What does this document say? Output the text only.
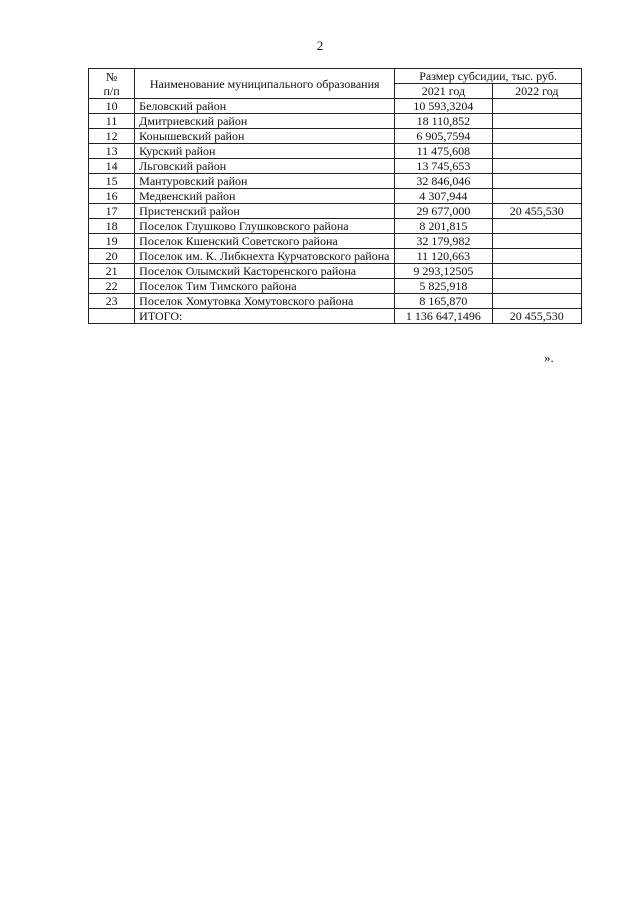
2
№
п/п	Наименование муниципального образования	Размер субсидии, тыс. руб.	
		2021 год	2022 год
10	Беловский район	10 593,3204	
11	Дмитриевский район	18 110,852	
12	Конышевский район	6 905,7594	
13	Курский район	11 475,608	
14	Льговский район	13 745,653	
15	Мантуровский район	32 846,046	
16	Медвенский район	4 307,944	
17	Пристенский район	29 677,000	20 455,530
18	Поселок Глушково Глушковского района	8 201,815	
19	Поселок Кшенский Советского района	32 179,982	
20	Поселок им. К. Либкнехта Курчатовского района	11 120,663	
21	Поселок Олымский Касторенского района	9 293,12505	
22	Поселок Тим Тимского района	5 825,918	
23	Поселок Хомутовка Хомутовского района	8 165,870	
	ИТОГО:	1 136 647,1496	20 455,530
».
